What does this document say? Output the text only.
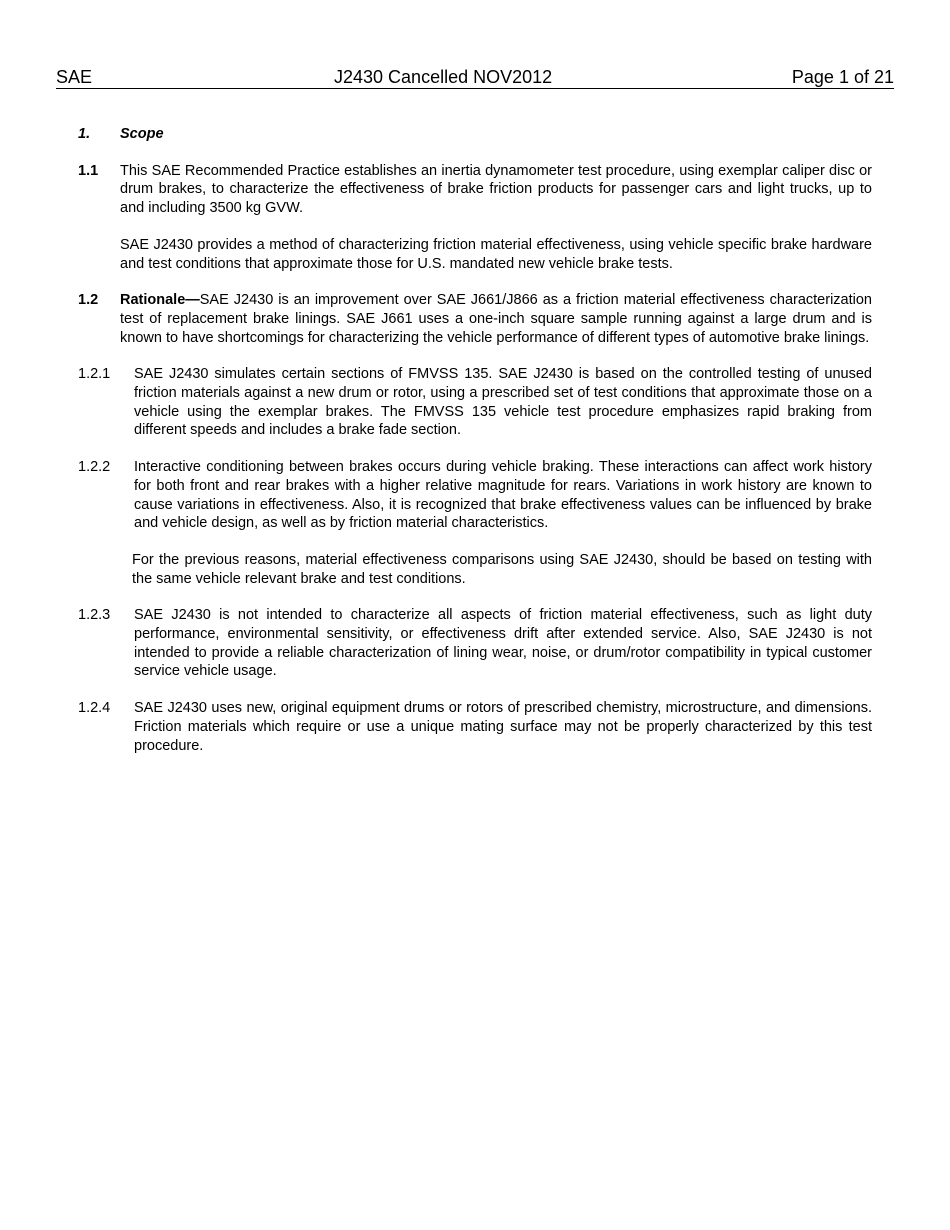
SAE	J2430 Cancelled NOV2012	Page 1 of 21
1.	Scope
1.1	This SAE Recommended Practice establishes an inertia dynamometer test procedure, using exemplar caliper disc or drum brakes, to characterize the effectiveness of brake friction products for passenger cars and light trucks, up to and including 3500 kg GVW.
SAE J2430 provides a method of characterizing friction material effectiveness, using vehicle specific brake hardware and test conditions that approximate those for U.S. mandated new vehicle brake tests.
1.2	Rationale—SAE J2430 is an improvement over SAE J661/J866 as a friction material effectiveness characterization test of replacement brake linings. SAE J661 uses a one-inch square sample running against a large drum and is known to have shortcomings for characterizing the vehicle performance of different types of automotive brake linings.
1.2.1	SAE J2430 simulates certain sections of FMVSS 135. SAE J2430 is based on the controlled testing of unused friction materials against a new drum or rotor, using a prescribed set of test conditions that approximate those on a vehicle using the exemplar brakes. The FMVSS 135 vehicle test procedure emphasizes rapid braking from different speeds and includes a brake fade section.
1.2.2	Interactive conditioning between brakes occurs during vehicle braking. These interactions can affect work history for both front and rear brakes with a higher relative magnitude for rears. Variations in work history are known to cause variations in effectiveness. Also, it is recognized that brake effectiveness values can be influenced by brake and vehicle design, as well as by friction material characteristics.
For the previous reasons, material effectiveness comparisons using SAE J2430, should be based on testing with the same vehicle relevant brake and test conditions.
1.2.3	SAE J2430 is not intended to characterize all aspects of friction material effectiveness, such as light duty performance, environmental sensitivity, or effectiveness drift after extended service. Also, SAE J2430 is not intended to provide a reliable characterization of lining wear, noise, or drum/rotor compatibility in typical customer service vehicle usage.
1.2.4	SAE J2430 uses new, original equipment drums or rotors of prescribed chemistry, microstructure, and dimensions. Friction materials which require or use a unique mating surface may not be properly characterized by this test procedure.
